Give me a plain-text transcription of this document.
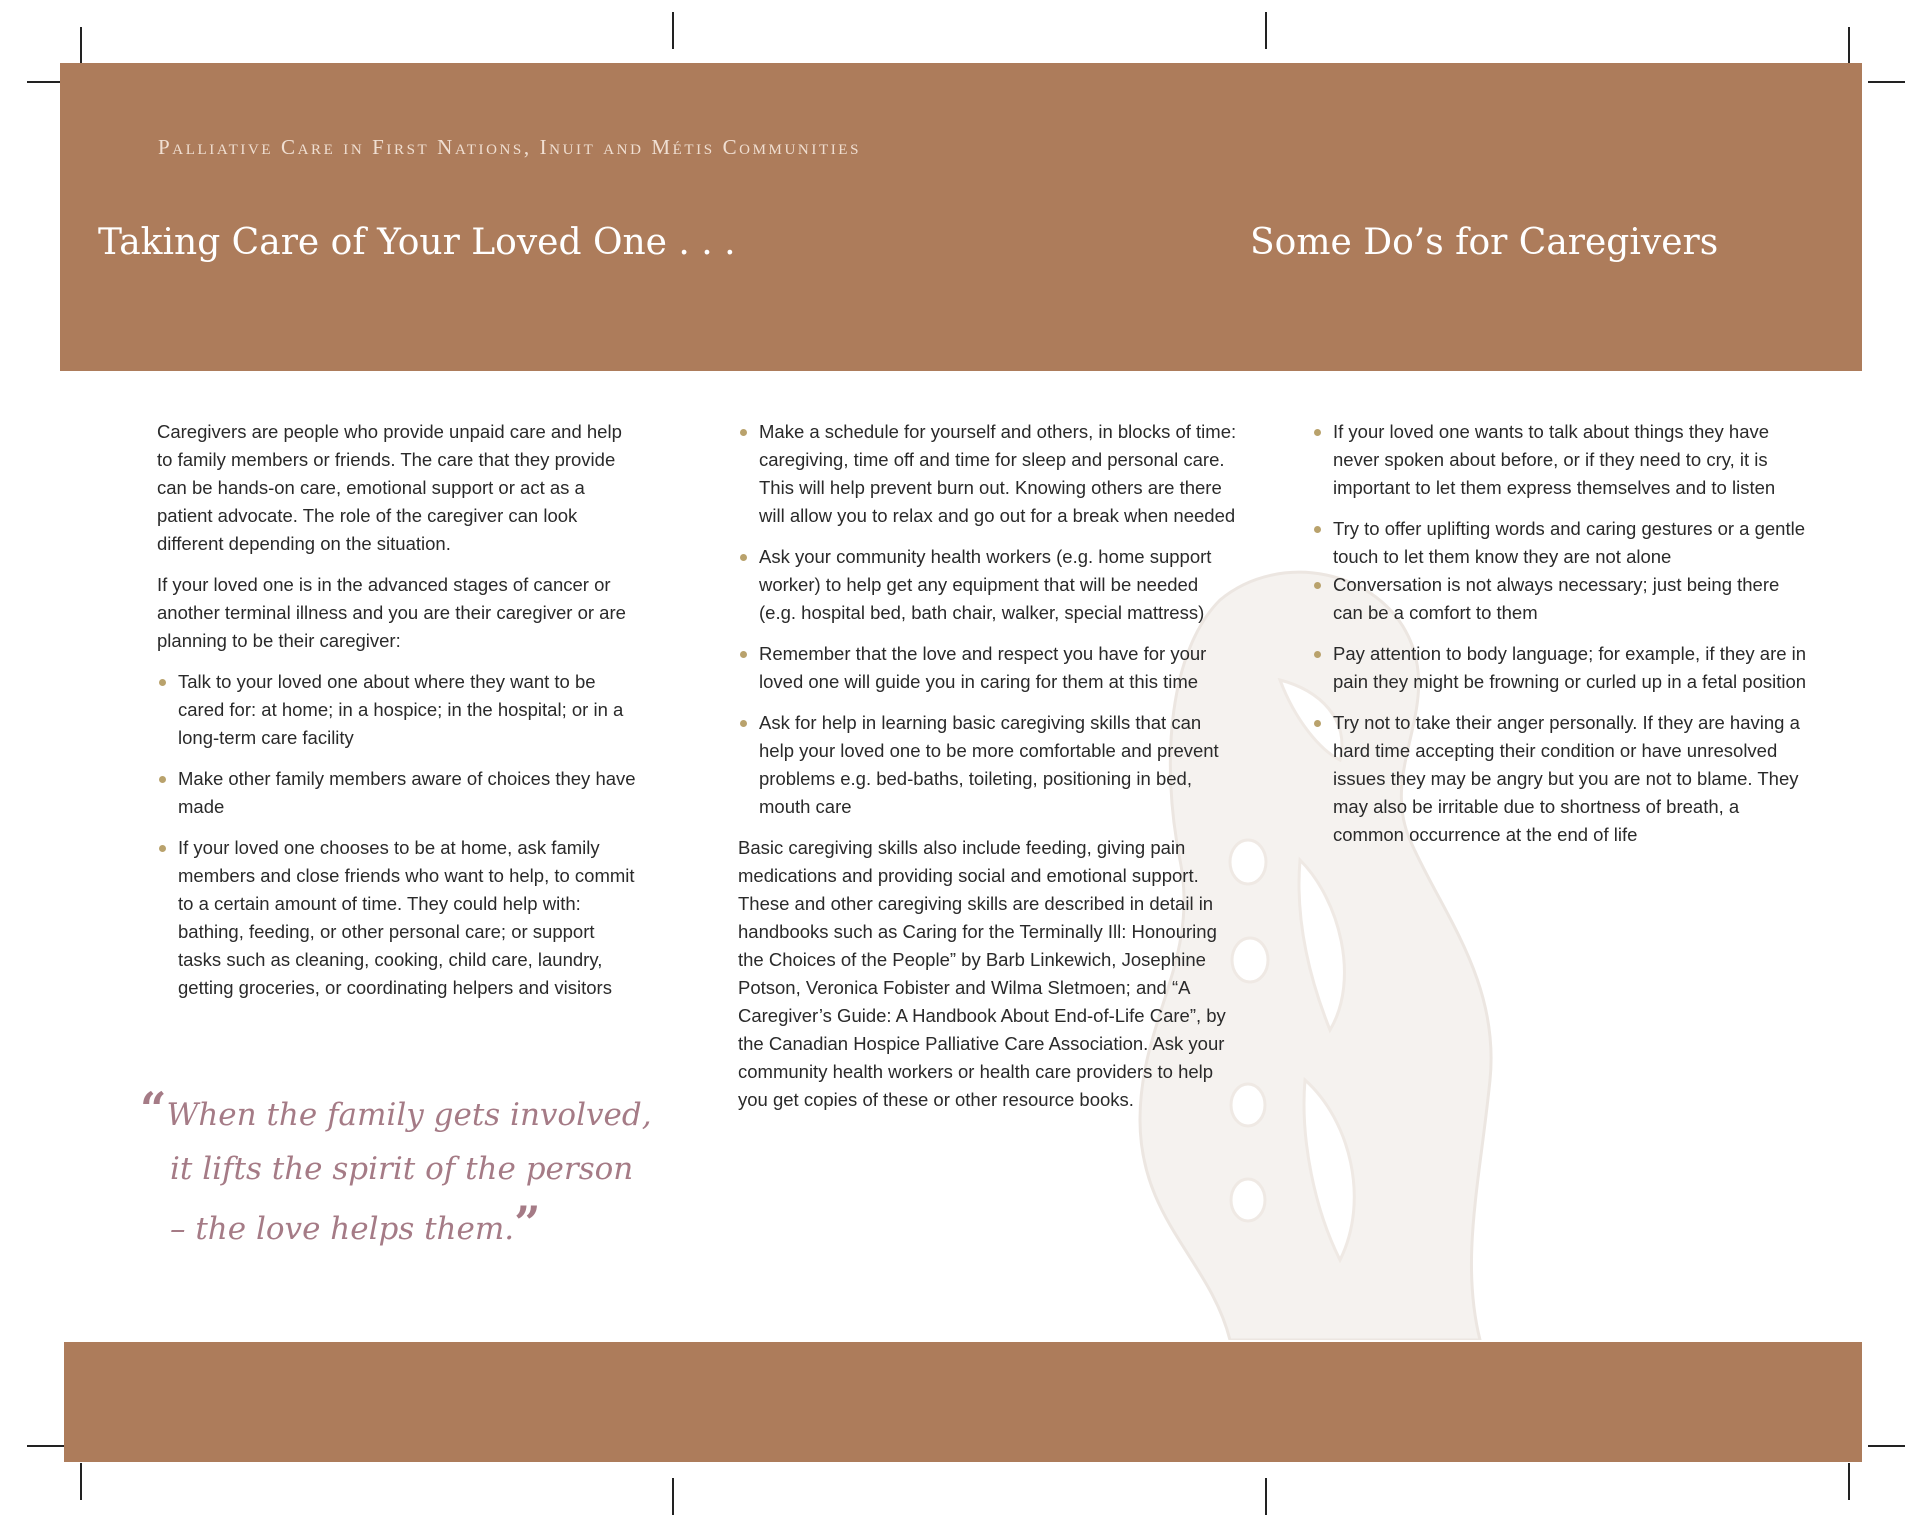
Palliative Care in First Nations, Inuit and Métis Communities
Taking Care of Your Loved One . . .	Some Do’s for Caregivers

Caregivers are people who provide unpaid care and help to family members or friends. The care that they provide can be hands-on care, emotional support or act as a patient advocate. The role of the caregiver can look different depending on the situation.

If your loved one is in the advanced stages of cancer or another terminal illness and you are their caregiver or are planning to be their caregiver:

Talk to your loved one about where they want to be cared for: at home; in a hospice; in the hospital; or in a long-term care facility
Make other family members aware of choices they have made
If your loved one chooses to be at home, ask family members and close friends who want to help, to commit to a certain amount of time. They could help with: bathing, feeding, or other personal care; or support tasks such as cleaning, cooking, child care, laundry, getting groceries, or coordinating helpers and visitors
“When the family gets involved,
it lifts the spirit of the person
– the love helps them.”
Make a schedule for yourself and others, in blocks of time: caregiving, time off and time for sleep and personal care. This will help prevent burn out. Knowing others are there will allow you to relax and go out for a break when needed
Ask your community health workers (e.g. home support worker) to help get any equipment that will be needed (e.g. hospital bed, bath chair, walker, special mattress)
Remember that the love and respect you have for your loved one will guide you in caring for them at this time
Ask for help in learning basic caregiving skills that can help your loved one to be more comfortable and prevent problems e.g. bed-baths, toileting, positioning in bed, mouth care

Basic caregiving skills also include feeding, giving pain medications and providing social and emotional support. These and other caregiving skills are described in detail in handbooks such as Caring for the Terminally Ill: Honouring the Choices of the People” by Barb Linkewich, Josephine Potson, Veronica Fobister and Wilma Sletmoen; and “A Caregiver’s Guide: A Handbook About End-of-Life Care”, by the Canadian Hospice Palliative Care Association. Ask your community health workers or health care providers to help you get copies of these or other resource books.

If your loved one wants to talk about things they have never spoken about before, or if they need to cry, it is important to let them express themselves and to listen
Try to offer uplifting words and caring gestures or a gentle touch to let them know they are not alone
Conversation is not always necessary; just being there can be a comfort to them
Pay attention to body language; for example, if they are in pain they might be frowning or curled up in a fetal position
Try not to take their anger personally. If they are having a hard time accepting their condition or have unresolved issues they may be angry but you are not to blame. They may also be irritable due to shortness of breath, a common occurrence at the end of life
